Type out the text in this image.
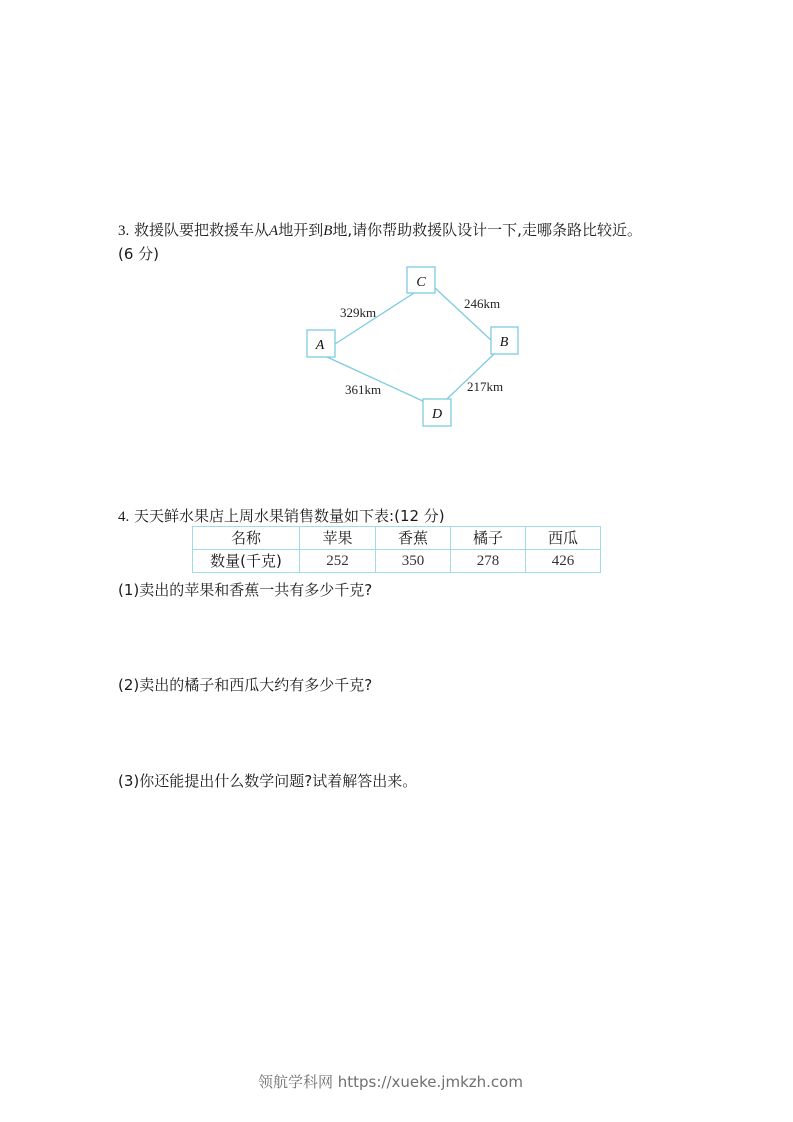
3. 救援队要把救援车从A地开到B地,请你帮助救援队设计一下,走哪条路比较近。
(6 分)
A
C
B
D
329km
246km
361km	217km
4. 天天鲜水果店上周水果销售数量如下表:(12 分)
名称	苹果	香蕉	橘子	西瓜
数量(千克)	252	350	278	426
(1)卖出的苹果和香蕉一共有多少千克?
(2)卖出的橘子和西瓜大约有多少千克?
(3)你还能提出什么数学问题?试着解答出来。
领航学科网 https://xueke.jmkzh.com
